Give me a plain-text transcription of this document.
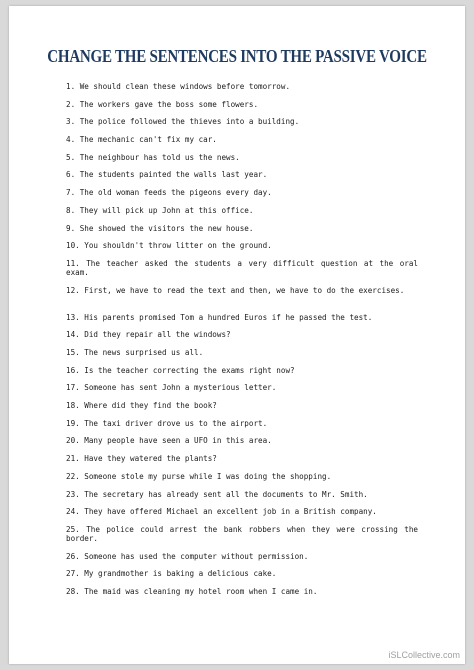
CHANGE THE SENTENCES INTO THE PASSIVE VOICE
1. We should clean these windows before tomorrow.
2. The workers gave the boss some flowers.
3. The police followed the thieves into a building.
4. The mechanic can't fix my car.
5. The neighbour has told us the news.
6. The students painted the walls last year.
7. The old woman feeds the pigeons every day.
8. They will pick up John at this office.
9. She showed the visitors the new house.
10. You shouldn't throw litter on the ground.
11. The teacher asked the students a very difficult question at the oral exam.
12. First, we have to read the text and then, we have to do the exercises.
13. His parents promised Tom a hundred Euros if he passed the test.
14. Did they repair all the windows?
15. The news surprised us all.
16. Is the teacher correcting the exams right now?
17. Someone has sent John a mysterious letter.
18. Where did they find the book?
19. The taxi driver drove us to the airport.
20. Many people have seen a UFO in this area.
21. Have they watered the plants?
22. Someone stole my purse while I was doing the shopping.
23. The secretary has already sent all the documents to Mr. Smith.
24. They have offered Michael an excellent job in a British company.
25. The police could arrest the bank robbers when they were crossing the border.
26. Someone has used the computer without permission.
27. My grandmother is baking a delicious cake.
28. The maid was cleaning my hotel room when I came in.
iSLCollective.com
